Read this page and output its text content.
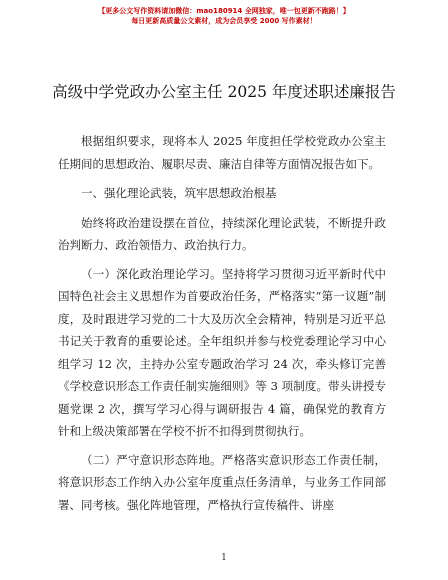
【更多公文写作资料请加微信：mao180914 全网独家，唯一包更新不跑路！】
每日更新高质量公文素材，成为会员享受 2000 写作素材！
高级中学党政办公室主任 2025 年度述职述廉报告

根据组织要求，现将本人 2025 年度担任学校党政办公室主任期间的思想政治、履职尽责、廉洁自律等方面情况报告如下。

一、强化理论武装，筑牢思想政治根基

始终将政治建设摆在首位，持续深化理论武装，不断提升政治判断力、政治领悟力、政治执行力。

（一）深化政治理论学习。坚持将学习贯彻习近平新时代中国特色社会主义思想作为首要政治任务，严格落实“第一议题”制度，及时跟进学习党的二十大及历次全会精神，特别是习近平总书记关于教育的重要论述。全年组织并参与校党委理论学习中心组学习 12 次，主持办公室专题政治学习 24 次，牵头修订完善《学校意识形态工作责任制实施细则》等 3 项制度。带头讲授专题党课 2 次，撰写学习心得与调研报告 4 篇，确保党的教育方针和上级决策部署在学校不折不扣得到贯彻执行。

（二）严守意识形态阵地。严格落实意识形态工作责任制，将意识形态工作纳入办公室年度重点任务清单，与业务工作同部署、同考核。强化阵地管理，严格执行宣传稿件、讲座

1
